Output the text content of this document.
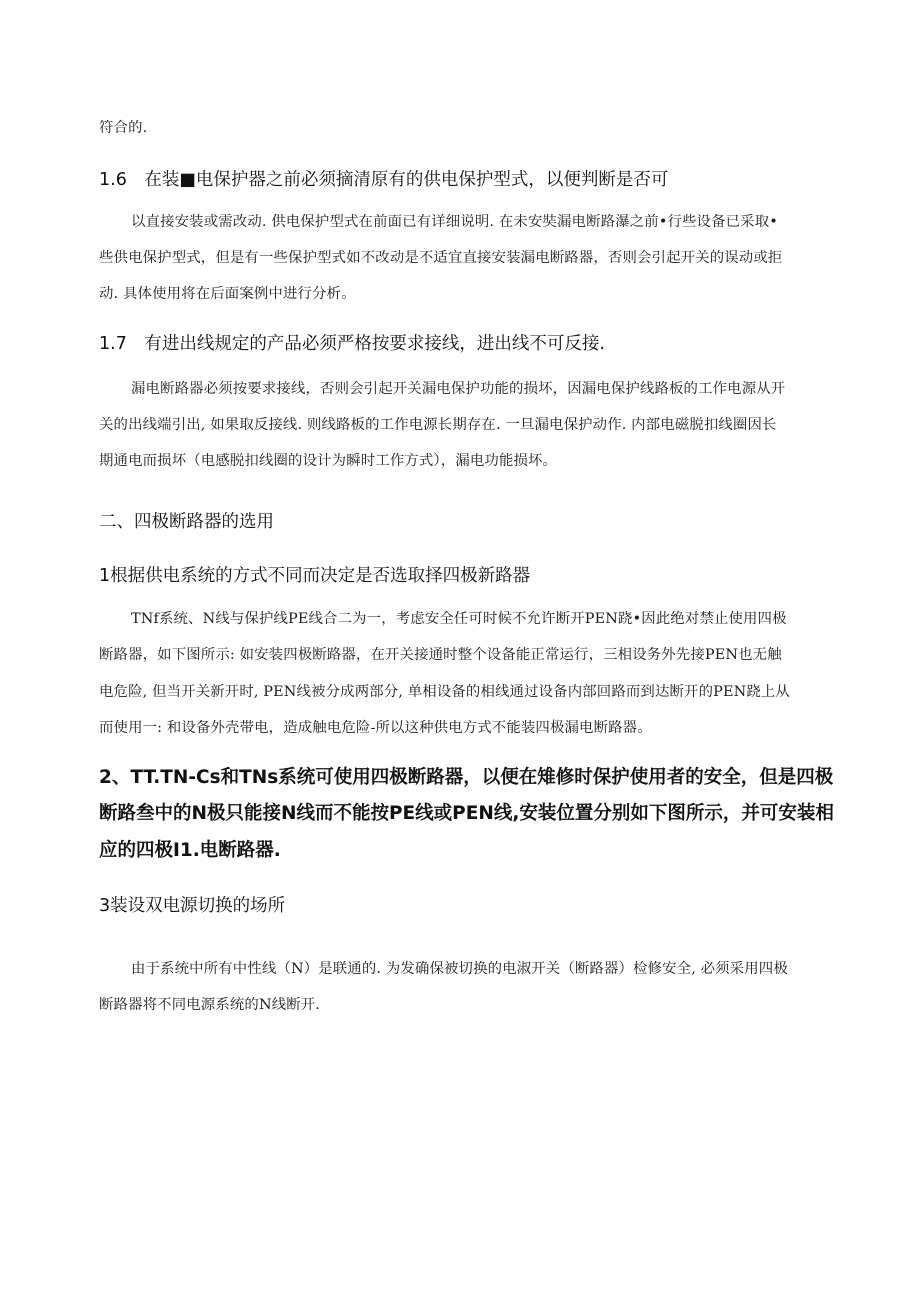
符合的.
1.6　在装■电保护器之前必须摘清原有的供电保护型式，以便判断是否可
以直接安装或需改动. 供电保护型式在前面已有详细说明. 在未安奘漏电断路瀑之前•行些设备已采取•
些供电保护型式，但是有一些保护型式如不改动是不适宜直接安装漏电断路器，否则会引起开关的误动或拒
动. 具体使用将在后面案例中进行分析。
1.7　有进出线规定的产品必须严格按要求接线，进出线不可反接.
漏电断路器必须按要求接线，否则会引起开关漏电保护功能的损坏，因漏电保护线路板的工作电源从开
关的出线端引出, 如果取反接线. 则线路板的工作电源长期存在. 一旦漏电保护动作. 内部电磁脱扣线圈因长
期通电而损坏（电感脱扣线圈的设计为瞬时工作方式），漏电功能损坏。
二、四极断路器的选用
1根据供电系统的方式不同而决定是否选取择四极新路器
TNf系统、N线与保护线PE线合二为一，考虑安全任可时候不允许断开PEN跷•因此绝对禁止使用四极
断路器，如下图所示: 如安装四极断路器，在开关接通时整个设备能正常运行，三相设务外先接PEN也无触
电危险, 但当开关新开时, PEN线被分成两部分, 单相设备的相线通过设备内部回路而到达断开的PEN跷上从
而使用一: 和设备外壳带电，造成触电危险-所以这种供电方式不能装四极漏电断路器。
2、TT.TN-Cs和TNs系统可使用四极断路器，以便在雉修时保护使用者的安全，但是四极
断路叁中的N极只能接N线而不能按PE线或PEN线,安装位置分别如下图所示，并可安装相
应的四极I1.电断路器.
3装设双电源切换的场所
由于系统中所有中性线（N）是联通的. 为发确保被切换的电淑开关（断路器）检修安全, 必须采用四极
断路器将不同电源系统的N线断开.
